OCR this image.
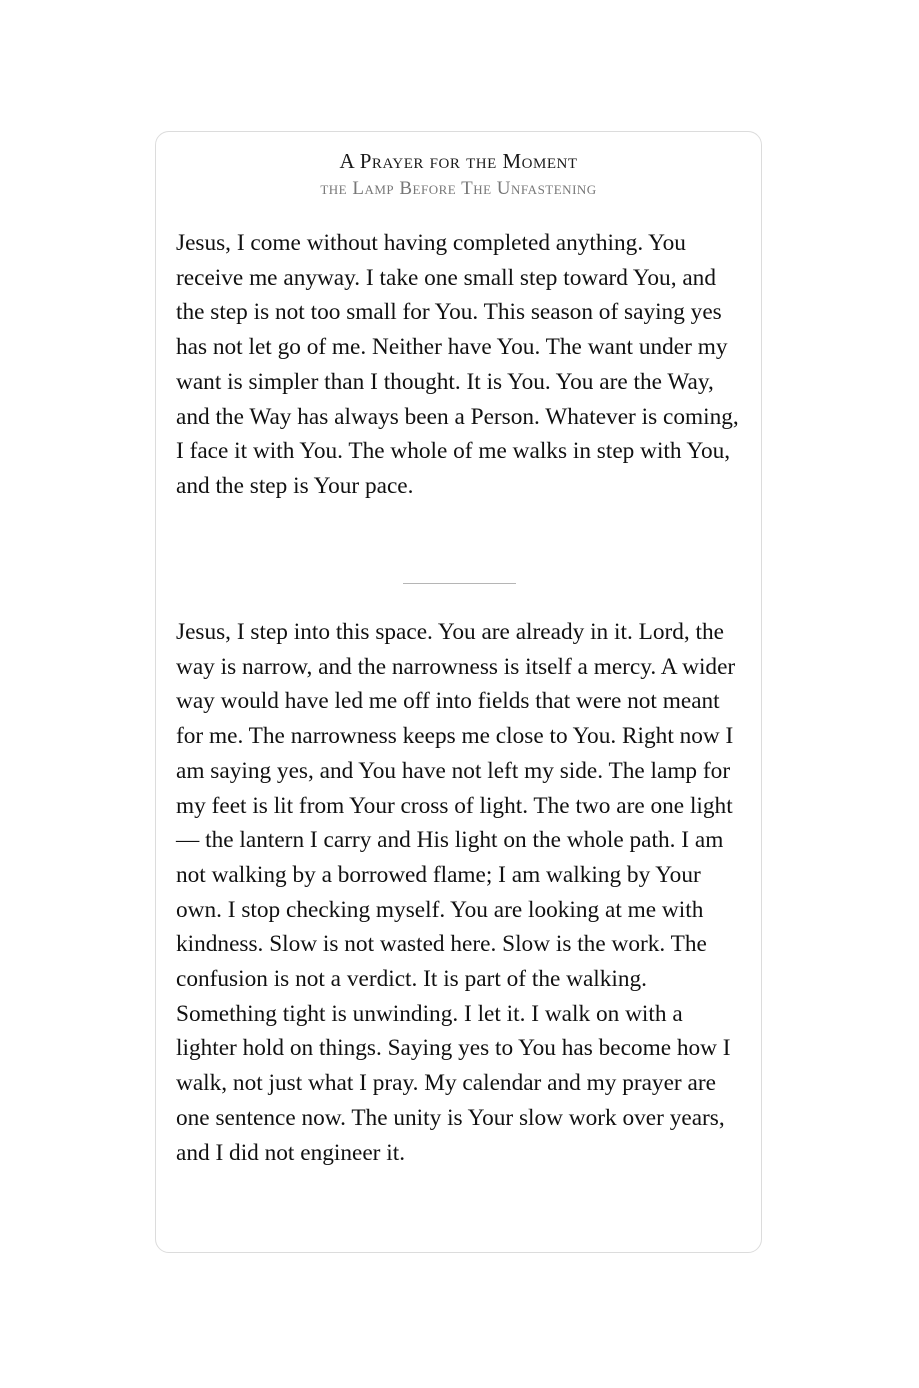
A Prayer for the Moment
the Lamp Before The Unfastening

Jesus, I come without having completed anything. You receive me anyway. I take one small step toward You, and the step is not too small for You. This season of saying yes has not let go of me. Neither have You. The want under my want is simpler than I thought. It is You. You are the Way, and the Way has always been a Person. Whatever is coming, I face it with You. The whole of me walks in step with You, and the step is Your pace.

Jesus, I step into this space. You are already in it. Lord, the way is narrow, and the narrowness is itself a mercy. A wider way would have led me off into fields that were not meant for me. The narrowness keeps me close to You. Right now I am saying yes, and You have not left my side. The lamp for my feet is lit from Your cross of light. The two are one light — the lantern I carry and His light on the whole path. I am not walking by a borrowed flame; I am walking by Your own. I stop checking myself. You are looking at me with kindness. Slow is not wasted here. Slow is the work. The confusion is not a verdict. It is part of the walking. Something tight is unwinding. I let it. I walk on with a lighter hold on things. Saying yes to You has become how I walk, not just what I pray. My calendar and my prayer are one sentence now. The unity is Your slow work over years, and I did not engineer it.
